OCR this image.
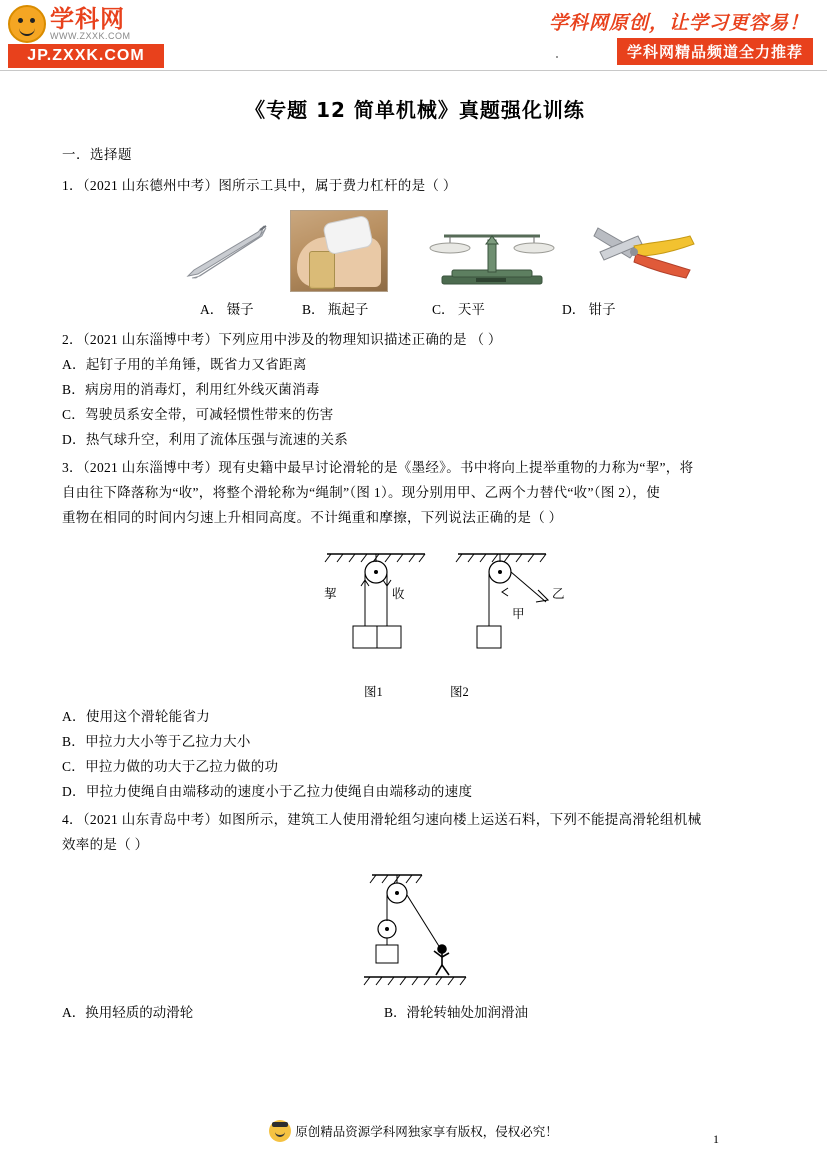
学科网
WWW.ZXXK.COM
JP.ZXXK.COM
学科网原创，让学习更容易！
学科网精品频道全力推荐
《专题 12 简单机械》真题强化训练
一．选择题

1．（2021 山东德州中考）图所示工具中，属于费力杠杆的是（ ）

A． 镊子	B． 瓶起子	C． 天平	D． 钳子

2．（2021 山东淄博中考）下列应用中涉及的物理知识描述正确的是 （ ）

A．起钉子用的羊角锤，既省力又省距离

B．病房用的消毒灯，利用红外线灭菌消毒

C．驾驶员系安全带，可减轻惯性带来的伤害

D．热气球升空，利用了流体压强与流速的关系

3．（2021 山东淄博中考）现有史籍中最早讨论滑轮的是《墨经》。书中将向上提举重物的力称为“挈”，将

自由往下降落称为“收”，将整个滑轮称为“绳制”（图 1）。现分别用甲、乙两个力替代“收”（图 2），使

重物在相同的时间内匀速上升相同高度。不计绳重和摩擦，下列说法正确的是（ ）

挈	收	乙
甲
图1	图2

A．使用这个滑轮能省力

B．甲拉力大小等于乙拉力大小

C．甲拉力做的功大于乙拉力做的功

D．甲拉力使绳自由端移动的速度小于乙拉力使绳自由端移动的速度

4．（2021 山东青岛中考）如图所示，建筑工人使用滑轮组匀速向楼上运送石料，下列不能提高滑轮组机械

效率的是（ ）

A．换用轻质的动滑轮	B．滑轮转轴处加润滑油
原创精品资源学科网独家享有版权，侵权必究！	1
